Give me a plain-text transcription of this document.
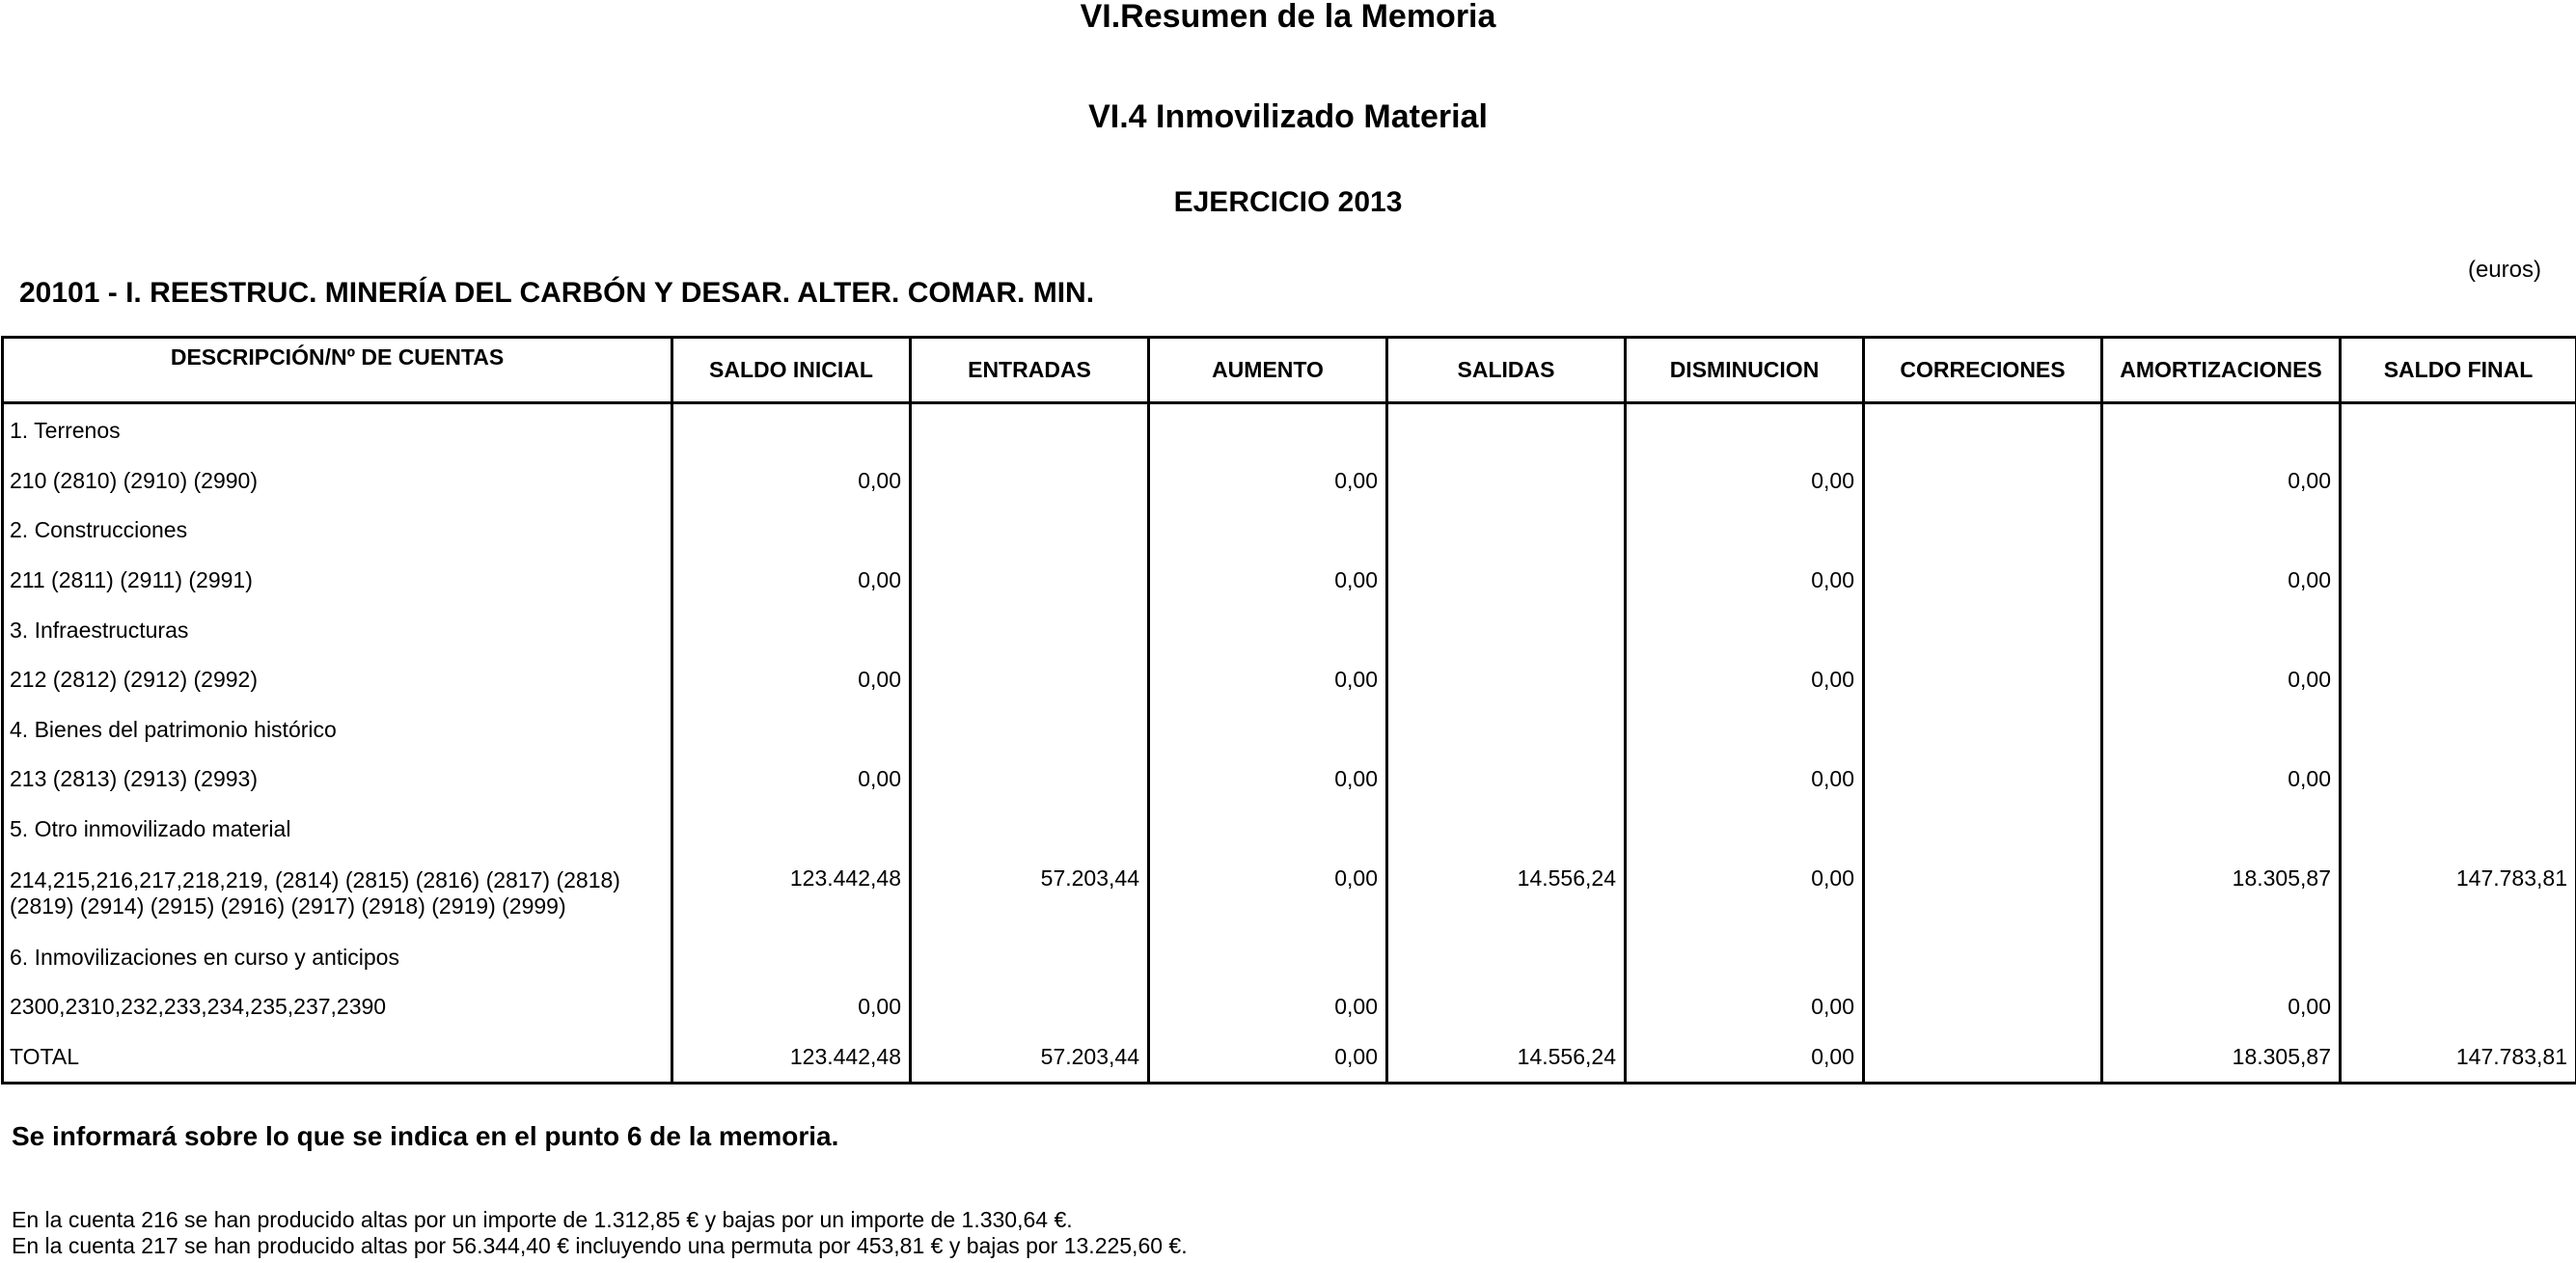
VI.Resumen de la Memoria
VI.4 Inmovilizado Material
EJERCICIO 2013
(euros)
20101 - I. REESTRUC. MINERÍA DEL CARBÓN Y DESAR. ALTER. COMAR. MIN.
DESCRIPCIÓN/Nº DE CUENTAS	SALDO INICIAL	ENTRADAS	AUMENTO	SALIDAS	DISMINUCION	CORRECIONES	AMORTIZACIONES	SALDO FINAL
1. Terrenos								
210 (2810) (2910) (2990)	0,00		0,00		0,00		0,00	
2. Construcciones								
211 (2811) (2911) (2991)	0,00		0,00		0,00		0,00	
3. Infraestructuras								
212 (2812) (2912) (2992)	0,00		0,00		0,00		0,00	
4. Bienes del patrimonio histórico								
213 (2813) (2913) (2993)	0,00		0,00		0,00		0,00	
5. Otro inmovilizado material								
214,215,216,217,218,219, (2814) (2815) (2816) (2817) (2818) (2819) (2914) (2915) (2916) (2917) (2918) (2919) (2999)	123.442,48	57.203,44	0,00	14.556,24	0,00		18.305,87	147.783,81
6. Inmovilizaciones en curso y anticipos								
2300,2310,232,233,234,235,237,2390	0,00		0,00		0,00		0,00	
TOTAL	123.442,48	57.203,44	0,00	14.556,24	0,00		18.305,87	147.783,81
Se informará sobre lo que se indica en el punto 6 de la memoria.
En la cuenta 216 se han producido altas por un importe de 1.312,85 € y bajas por un importe de 1.330,64 €.
En la cuenta 217 se han producido altas por 56.344,40 € incluyendo una permuta por 453,81 € y bajas por 13.225,60 €.
